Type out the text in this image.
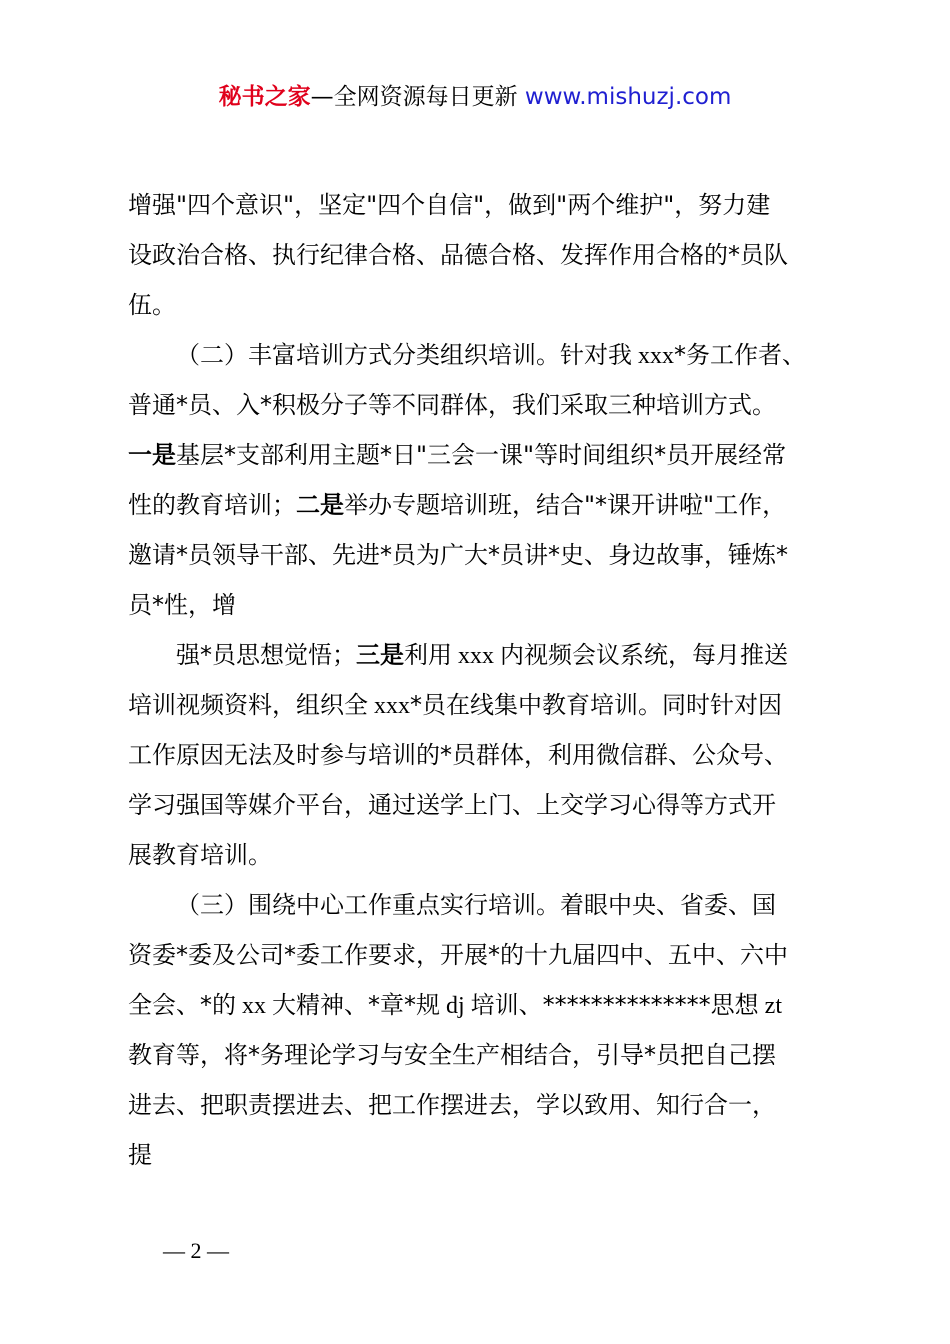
秘书之家—全网资源每日更新 www.mishuzj.com
增强"四个意识"，坚定"四个自信"，做到"两个维护"，努力建
设政治合格、执行纪律合格、品德合格、发挥作用合格的*员队
伍。
（二）丰富培训方式分类组织培训。针对我 xxx*务工作者、
普通*员、入*积极分子等不同群体，我们采取三种培训方式。
一是基层*支部利用主题*日"三会一课"等时间组织*员开展经常
性的教育培训；二是举办专题培训班，结合"*课开讲啦"工作，
邀请*员领导干部、先进*员为广大*员讲*史、身边故事，锤炼*
员*性，增
强*员思想觉悟；三是利用 xxx 内视频会议系统，每月推送
培训视频资料，组织全 xxx*员在线集中教育培训。同时针对因
工作原因无法及时参与培训的*员群体，利用微信群、公众号、
学习强国等媒介平台，通过送学上门、上交学习心得等方式开
展教育培训。
（三）围绕中心工作重点实行培训。着眼中央、省委、国
资委*委及公司*委工作要求，开展*的十九届四中、五中、六中
全会、*的 xx 大精神、*章*规 dj 培训、**************思想 zt
教育等，将*务理论学习与安全生产相结合，引导*员把自己摆
进去、把职责摆进去、把工作摆进去，学以致用、知行合一，
提
— 2 —
